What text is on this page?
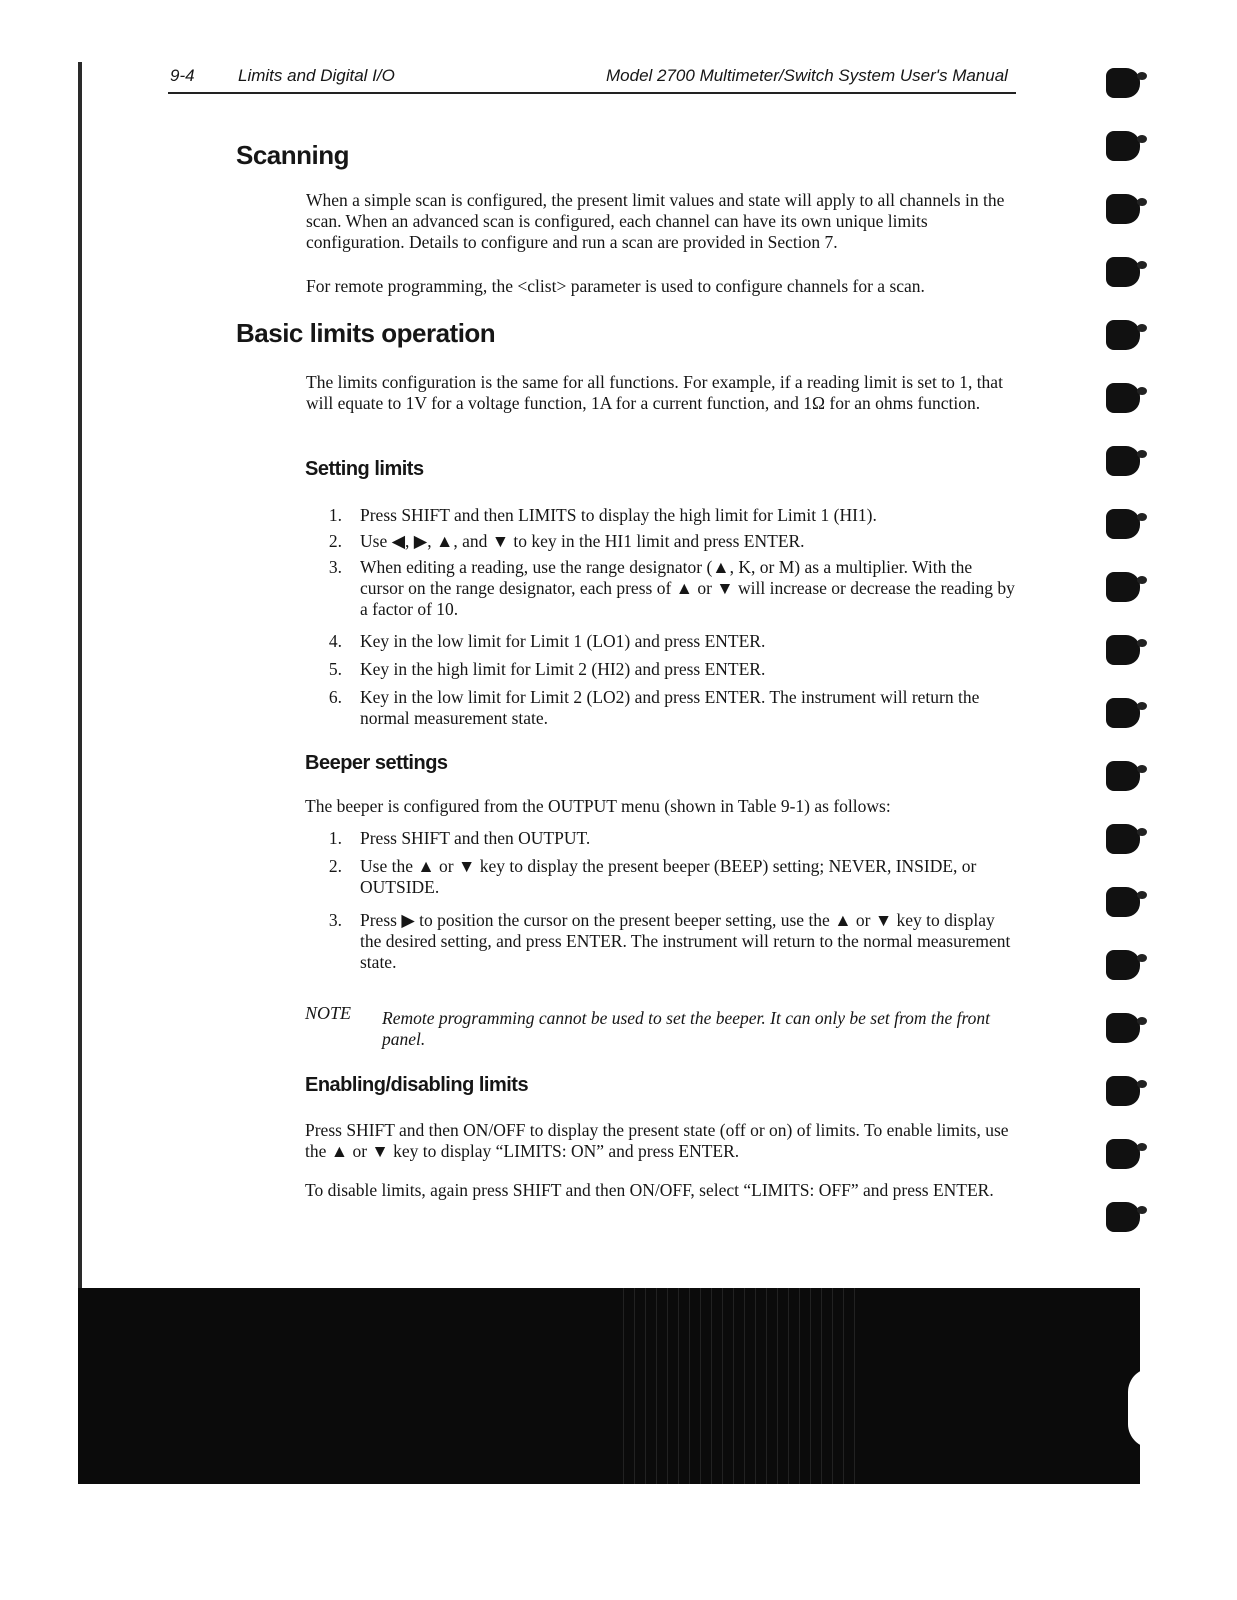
9-4	Limits and Digital I/O	Model 2700 Multimeter/Switch System User's Manual
Scanning

When a simple scan is configured, the present limit values and state will apply to all channels in the scan. When an advanced scan is configured, each channel can have its own unique limits configuration. Details to configure and run a scan are provided in Section 7.

For remote programming, the <clist> parameter is used to configure channels for a scan.

Basic limits operation

The limits configuration is the same for all functions. For example, if a reading limit is set to 1, that will equate to 1V for a voltage function, 1A for a current function, and 1Ω for an ohms function.

Setting limits
1. Press SHIFT and then LIMITS to display the high limit for Limit 1 (HI1).
2. Use ◀, ▶, ▲, and ▼ to key in the HI1 limit and press ENTER.
3. When editing a reading, use the range designator (▲, K, or M) as a multiplier. With the cursor on the range designator, each press of ▲ or ▼ will increase or decrease the reading by a factor of 10.
4. Key in the low limit for Limit 1 (LO1) and press ENTER.
5. Key in the high limit for Limit 2 (HI2) and press ENTER.
6. Key in the low limit for Limit 2 (LO2) and press ENTER. The instrument will return the normal measurement state.
Beeper settings

The beeper is configured from the OUTPUT menu (shown in Table 9-1) as follows:

1. Press SHIFT and then OUTPUT.
2. Use the ▲ or ▼ key to display the present beeper (BEEP) setting; NEVER, INSIDE, or OUTSIDE.
3. Press ▶ to position the cursor on the present beeper setting, use the ▲ or ▼ key to display the desired setting, and press ENTER. The instrument will return to the normal measurement state.
NOTE Remote programming cannot be used to set the beeper. It can only be set from the front panel.
Enabling/disabling limits

Press SHIFT and then ON/OFF to display the present state (off or on) of limits. To enable limits, use the ▲ or ▼ key to display “LIMITS: ON” and press ENTER.

To disable limits, again press SHIFT and then ON/OFF, select “LIMITS: OFF” and press ENTER.
